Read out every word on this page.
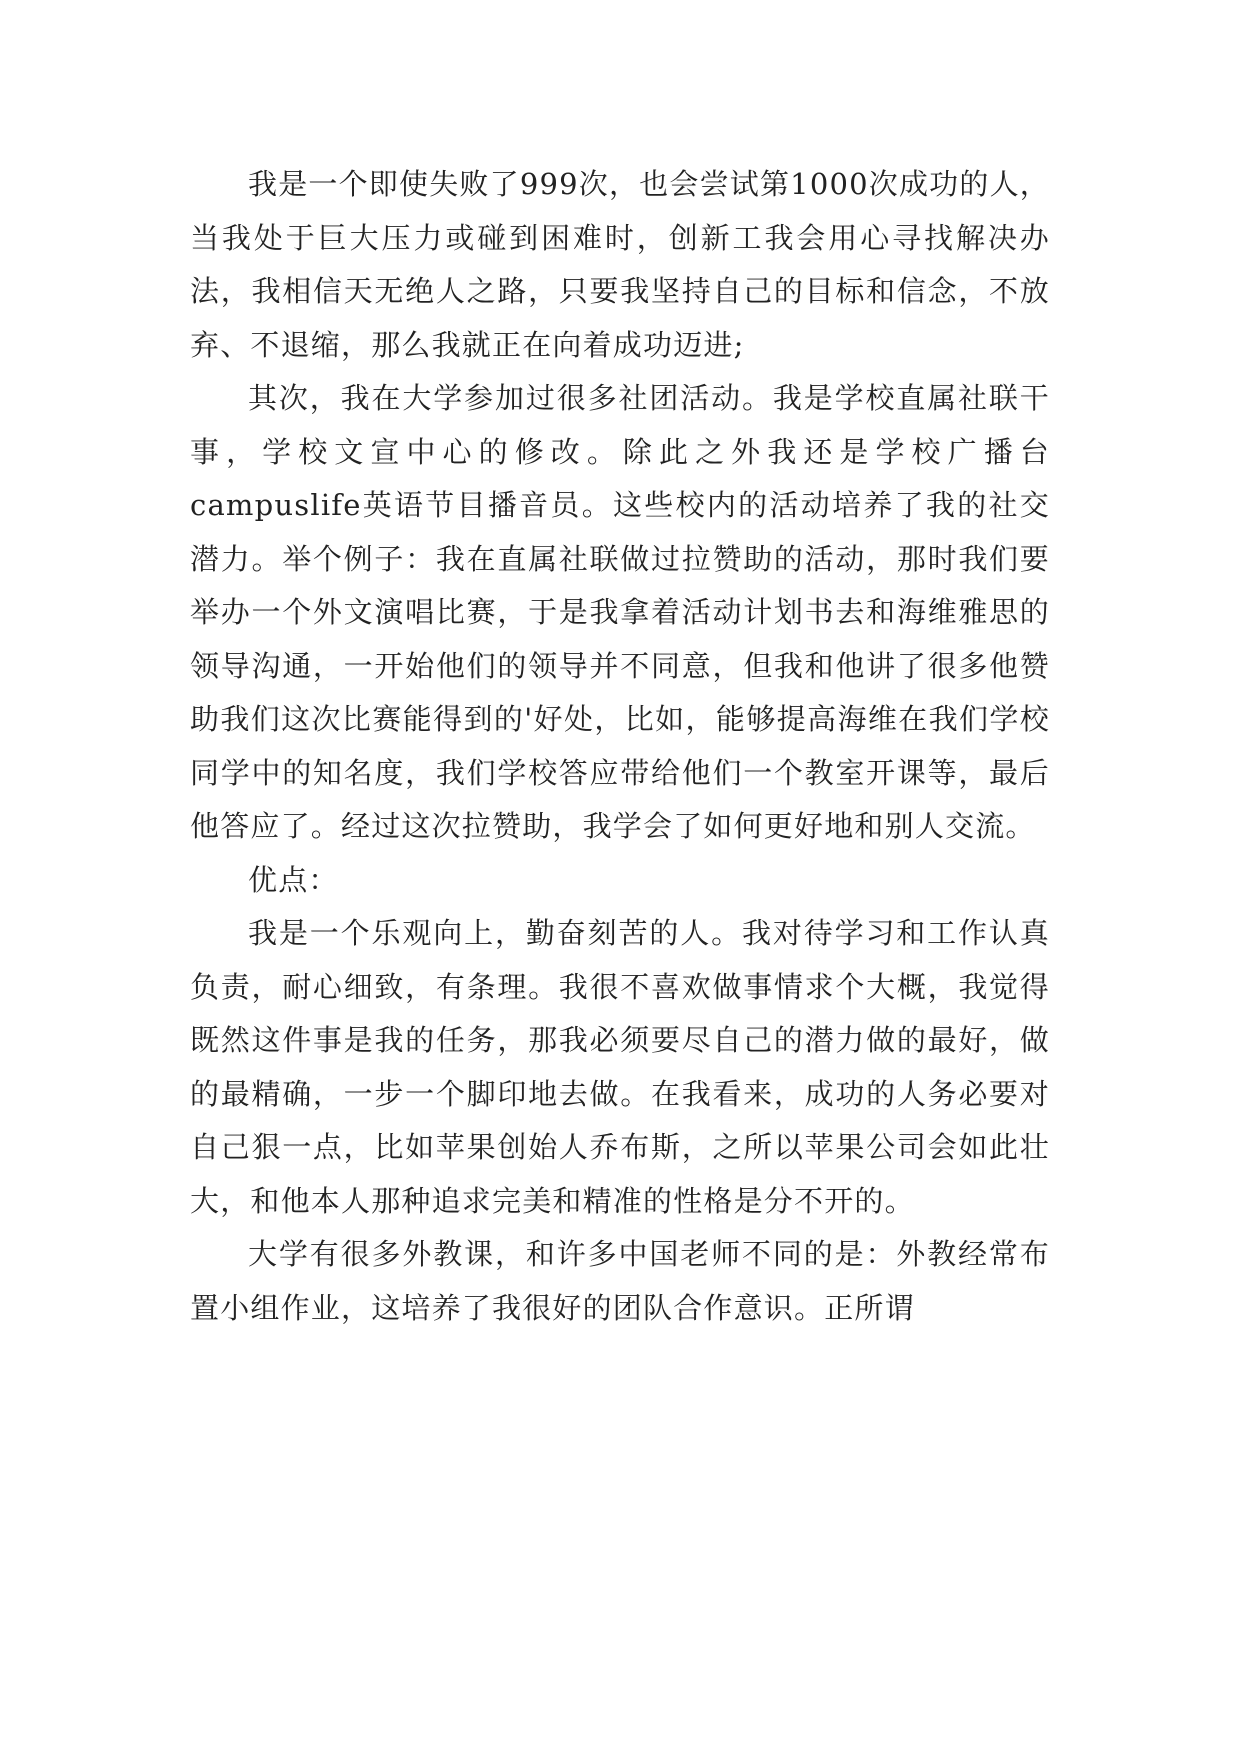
我是一个即使失败了999次，也会尝试第1000次成功的人，当我处于巨大压力或碰到困难时，创新工我会用心寻找解决办法，我相信天无绝人之路，只要我坚持自己的目标和信念，不放弃、不退缩，那么我就正在向着成功迈进;

其次，我在大学参加过很多社团活动。我是学校直属社联干事，学校文宣中心的修改。除此之外我还是学校广播台campuslife英语节目播音员。这些校内的活动培养了我的社交潜力。举个例子：我在直属社联做过拉赞助的活动，那时我们要举办一个外文演唱比赛，于是我拿着活动计划书去和海维雅思的领导沟通，一开始他们的领导并不同意，但我和他讲了很多他赞助我们这次比赛能得到的'好处，比如，能够提高海维在我们学校同学中的知名度，我们学校答应带给他们一个教室开课等，最后他答应了。经过这次拉赞助，我学会了如何更好地和别人交流。

优点：

我是一个乐观向上，勤奋刻苦的人。我对待学习和工作认真负责，耐心细致，有条理。我很不喜欢做事情求个大概，我觉得既然这件事是我的任务，那我必须要尽自己的潜力做的最好，做的最精确，一步一个脚印地去做。在我看来，成功的人务必要对自己狠一点，比如苹果创始人乔布斯，之所以苹果公司会如此壮大，和他本人那种追求完美和精准的性格是分不开的。

大学有很多外教课，和许多中国老师不同的是：外教经常布置小组作业，这培养了我很好的团队合作意识。正所谓
